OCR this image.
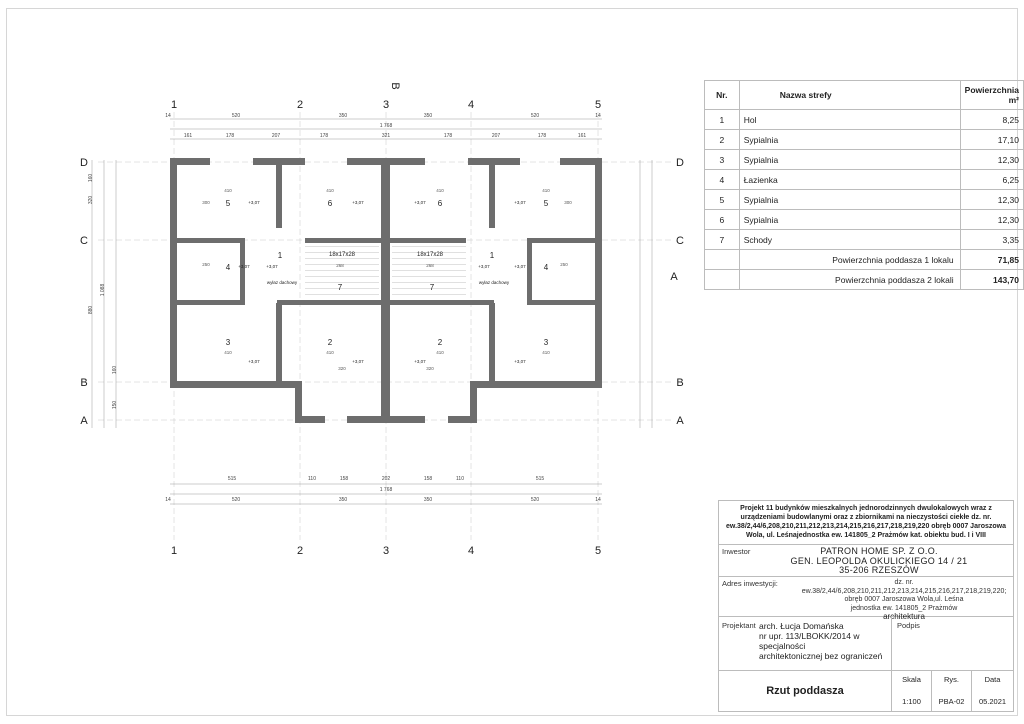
1
1
2
2
3
3
4
4
5
5
D	D
C	C
B	B
A	A
B
A
14	520	350	350	520	14
1 768
161	178	207	178	321	178	207	178	161
515	110	158	202	158	110	515
1 768
14	520	350	350	520	14
160
320
880
1 088
160
150
5	6
4
1
7
3	2
6	5
1
4
7
2	3
+3,07	+3,07
+3,07
+3,07	+3,07
+3,07	+3,07
+3,07
+3,07	+3,07
+3,07	+3,07
18x17x28	18x17x28
wyłaz dachowy	wyłaz dachowy
410	410
410	410
250	250
268	268
410	410
410	410
300	300
320	320
Nr.	Nazwa strefy	Powierzchnia m²
1	Hol	8,25
2	Sypialnia	17,10
3	Sypialnia	12,30
4	Łazienka	6,25
5	Sypialnia	12,30
6	Sypialnia	12,30
7	Schody	3,35
	Powierzchnia poddasza 1 lokalu	71,85
	Powierzchnia poddasza 2 lokali	143,70
Projekt 11 budynków mieszkalnych jednorodzinnych dwulokalowych wraz z urządzeniami budowlanymi oraz z zbiornikami na nieczystości ciekłe dz. nr. ew.38/2,44/6,208,210,211,212,213,214,215,216,217,218,219,220 obręb 0007 Jaroszowa Wola, ul. Leśnajednostka ew. 141805_2 Prażmów kat. obiektu bud. I i VIII
Inwestor	PATRON HOME SP. Z O.O.
GEN. LEOPOLDA OKULICKIEGO 14 / 21
35-206 RZESZÓW
Adres inwestycji:	dz. nr. ew.38/2,44/6,208,210,211,212,213,214,215,216,217,218,219,220;
obręb 0007 Jaroszowa Wola,ul. Leśna
jednostka ew. 141805_2 Prażmów
architektura
Projektant arch. Łucja Domańska
nr upr. 113/LBOKK/2014 w specjalności
architektonicznej bez ograniczeń
Podpis
Rzut poddasza
Skala
1:100
Rys.
PBA-02
Data
05.2021
